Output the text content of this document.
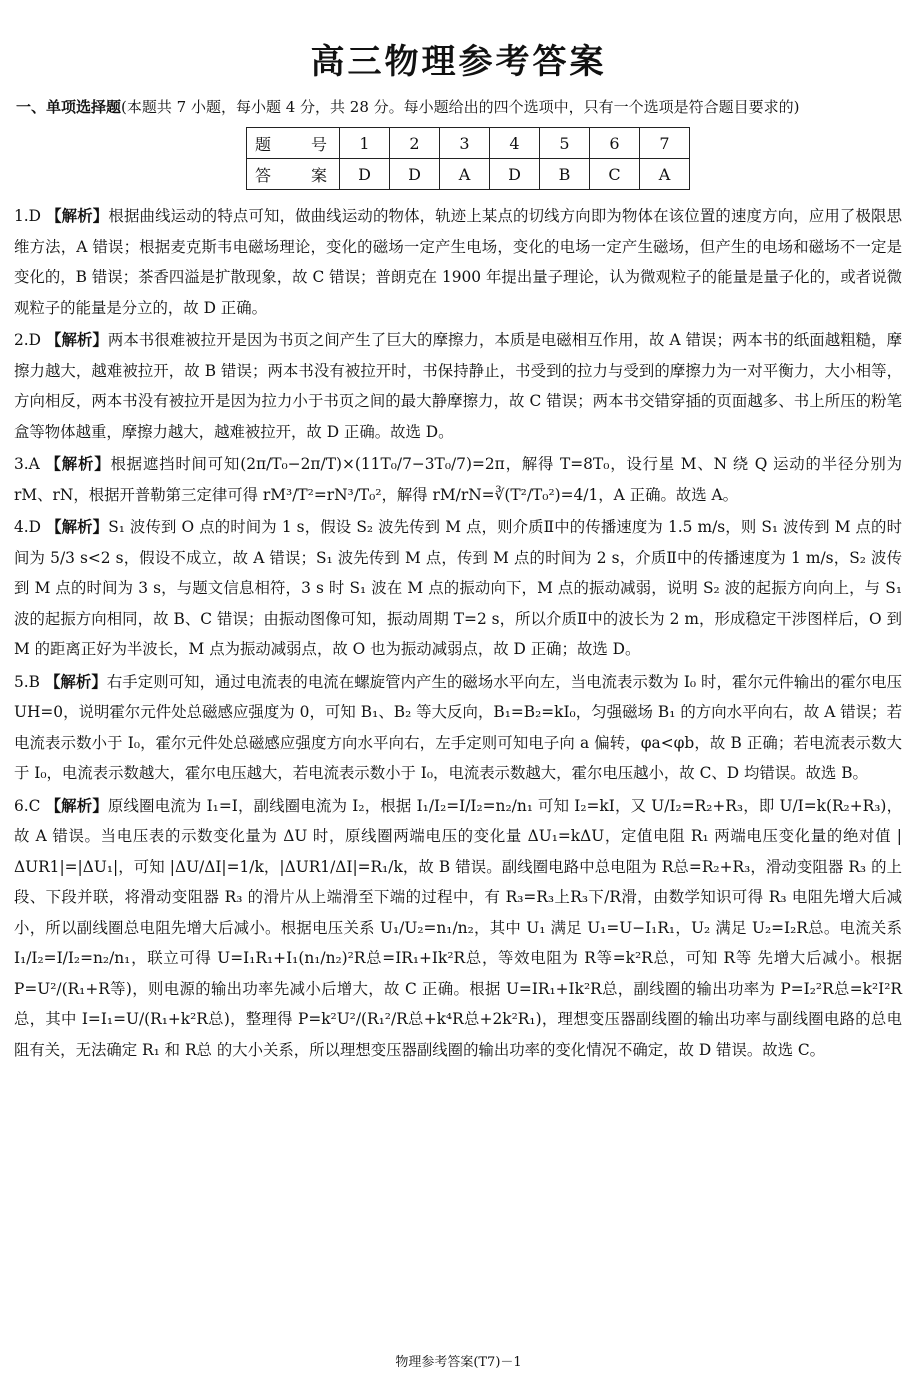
高三物理参考答案
一、单项选择题(本题共 7 小题，每小题 4 分，共 28 分。每小题给出的四个选项中，只有一个选项是符合题目要求的)
题　号	1	2	3	4	5	6	7
答　案	D	D	A	D	B	C	A

1.D 【解析】根据曲线运动的特点可知，做曲线运动的物体，轨迹上某点的切线方向即为物体在该位置的速度方向，应用了极限思维方法，A 错误；根据麦克斯韦电磁场理论，变化的磁场一定产生电场，变化的电场一定产生磁场，但产生的电场和磁场不一定是变化的，B 错误；茶香四溢是扩散现象，故 C 错误；普朗克在 1900 年提出量子理论，认为微观粒子的能量是量子化的，或者说微观粒子的能量是分立的，故 D 正确。

2.D 【解析】两本书很难被拉开是因为书页之间产生了巨大的摩擦力，本质是电磁相互作用，故 A 错误；两本书的纸面越粗糙，摩擦力越大，越难被拉开，故 B 错误；两本书没有被拉开时，书保持静止，书受到的拉力与受到的摩擦力为一对平衡力，大小相等，方向相反，两本书没有被拉开是因为拉力小于书页之间的最大静摩擦力，故 C 错误；两本书交错穿插的页面越多、书上所压的粉笔盒等物体越重，摩擦力越大，越难被拉开，故 D 正确。故选 D。

3.A 【解析】根据遮挡时间可知(2π/T₀−2π/T)×(11T₀/7−3T₀/7)=2π，解得 T=8T₀，设行星 M、N 绕 Q 运动的半径分别为 rM、rN，根据开普勒第三定律可得 rM³/T²=rN³/T₀²，解得 rM/rN=∛(T²/T₀²)=4/1，A 正确。故选 A。

4.D 【解析】S₁ 波传到 O 点的时间为 1 s，假设 S₂ 波先传到 M 点，则介质Ⅱ中的传播速度为 1.5 m/s，则 S₁ 波传到 M 点的时间为 5/3 s<2 s，假设不成立，故 A 错误；S₁ 波先传到 M 点，传到 M 点的时间为 2 s，介质Ⅱ中的传播速度为 1 m/s，S₂ 波传到 M 点的时间为 3 s，与题文信息相符，3 s 时 S₁ 波在 M 点的振动向下，M 点的振动减弱，说明 S₂ 波的起振方向向上，与 S₁ 波的起振方向相同，故 B、C 错误；由振动图像可知，振动周期 T=2 s，所以介质Ⅱ中的波长为 2 m，形成稳定干涉图样后，O 到 M 的距离正好为半波长，M 点为振动减弱点，故 O 也为振动减弱点，故 D 正确；故选 D。

5.B 【解析】右手定则可知，通过电流表的电流在螺旋管内产生的磁场水平向左，当电流表示数为 I₀ 时，霍尔元件输出的霍尔电压 UH=0，说明霍尔元件处总磁感应强度为 0，可知 B₁、B₂ 等大反向，B₁=B₂=kI₀，匀强磁场 B₁ 的方向水平向右，故 A 错误；若电流表示数小于 I₀，霍尔元件处总磁感应强度方向水平向右，左手定则可知电子向 a 偏转，φa<φb，故 B 正确；若电流表示数大于 I₀，电流表示数越大，霍尔电压越大，若电流表示数小于 I₀，电流表示数越大，霍尔电压越小，故 C、D 均错误。故选 B。

6.C 【解析】原线圈电流为 I₁=I，副线圈电流为 I₂，根据 I₁/I₂=I/I₂=n₂/n₁ 可知 I₂=kI，又 U/I₂=R₂+R₃，即 U/I=k(R₂+R₃)，故 A 错误。当电压表的示数变化量为 ΔU 时，原线圈两端电压的变化量 ΔU₁=kΔU，定值电阻 R₁ 两端电压变化量的绝对值 |ΔUR1|=|ΔU₁|，可知 |ΔU/ΔI|=1/k，|ΔUR1/ΔI|=R₁/k，故 B 错误。副线圈电路中总电阻为 R总=R₂+R₃，滑动变阻器 R₃ 的上段、下段并联，将滑动变阻器 R₃ 的滑片从上端滑至下端的过程中，有 R₃=R₃上R₃下/R滑，由数学知识可得 R₃ 电阻先增大后减小，所以副线圈总电阻先增大后减小。根据电压关系 U₁/U₂=n₁/n₂，其中 U₁ 满足 U₁=U−I₁R₁，U₂ 满足 U₂=I₂R总。电流关系 I₁/I₂=I/I₂=n₂/n₁，联立可得 U=I₁R₁+I₁(n₁/n₂)²R总=IR₁+Ik²R总，等效电阻为 R等=k²R总，可知 R等 先增大后减小。根据 P=U²/(R₁+R等)，则电源的输出功率先减小后增大，故 C 正确。根据 U=IR₁+Ik²R总，副线圈的输出功率为 P=I₂²R总=k²I²R总，其中 I=I₁=U/(R₁+k²R总)，整理得 P=k²U²/(R₁²/R总+k⁴R总+2k²R₁)，理想变压器副线圈的输出功率与副线圈电路的总电阻有关，无法确定 R₁ 和 R总 的大小关系，所以理想变压器副线圈的输出功率的变化情况不确定，故 D 错误。故选 C。

物理参考答案(T7)－1
